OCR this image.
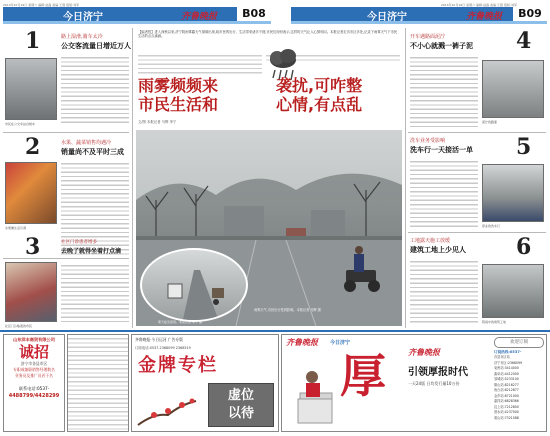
2013年10月19日 星期六 编辑:赵磊 美编:王强 组版:刘军
今日济宁	齐鲁晚报	B08
2013年10月19日 星期六 编辑:赵磊 美编:王强 组版:刘军
今日济宁	齐鲁晚报	B09
1	路上湿滑,骑车太冷
公交客流量日增近万人
市民在公交车站台候车
2	水果、蔬菜销售均遇冷
销量尚不及平时三成
水果摊生意冷清
3	社区门诊患者增多
去晚了就得坐着打点滴
社区门诊输液的市民
【编者按】进入深秋以来,济宁阴雨雾霾天气频频出现,给市民的出行、生活带来诸多不便,市民们纷纷表示,这样的天气让人心情烦闷。本报记者走访市区多处,记录下雨雾天气下市民生活的点点滴滴。
雨雾频频来
市民生活和
袭扰,可咋整
心情,有点乱
文/图 本报记者 马辉 李宁
雨雾天气,市民出行受到影响。本报记者 马辉 摄
雾天能见度低。本报记者 李宁 摄
开车遇路面泥泞
不小心就溅一裤子泥	4
泥泞的路面
洗车业务受影响
洗车行一天接活一单	5
停业的洗车行
工地露天施工放缓
建筑工地上少见人	6
阴雨中的建筑工地
山东洋丰商贸有限公司
诚招
济宁市各县市区
专职或兼职销售经理数名
业务员及推广员若干名
联系电话:0537-
4488799/4428299
齐鲁晚报·今日运河 广告专版
订阅电话:0537-2368099 2368519
金牌专栏
虚位
以待
齐鲁晚报 今日济宁
厚	齐鲁晚报
引领厚报时代
一天24版 日均发行量10万份
欢迎订阅
订阅热线:0537-
各县市区站
济宁市区:2368099
兖州站:3414000
曲阜站:4412000
邹城站:5233100
微山站:8216277
鱼台站:6212877
金乡站:8721000
嘉祥站:6828366
汶上站:7212800
泗水站:4237000
梁山站:7321588
